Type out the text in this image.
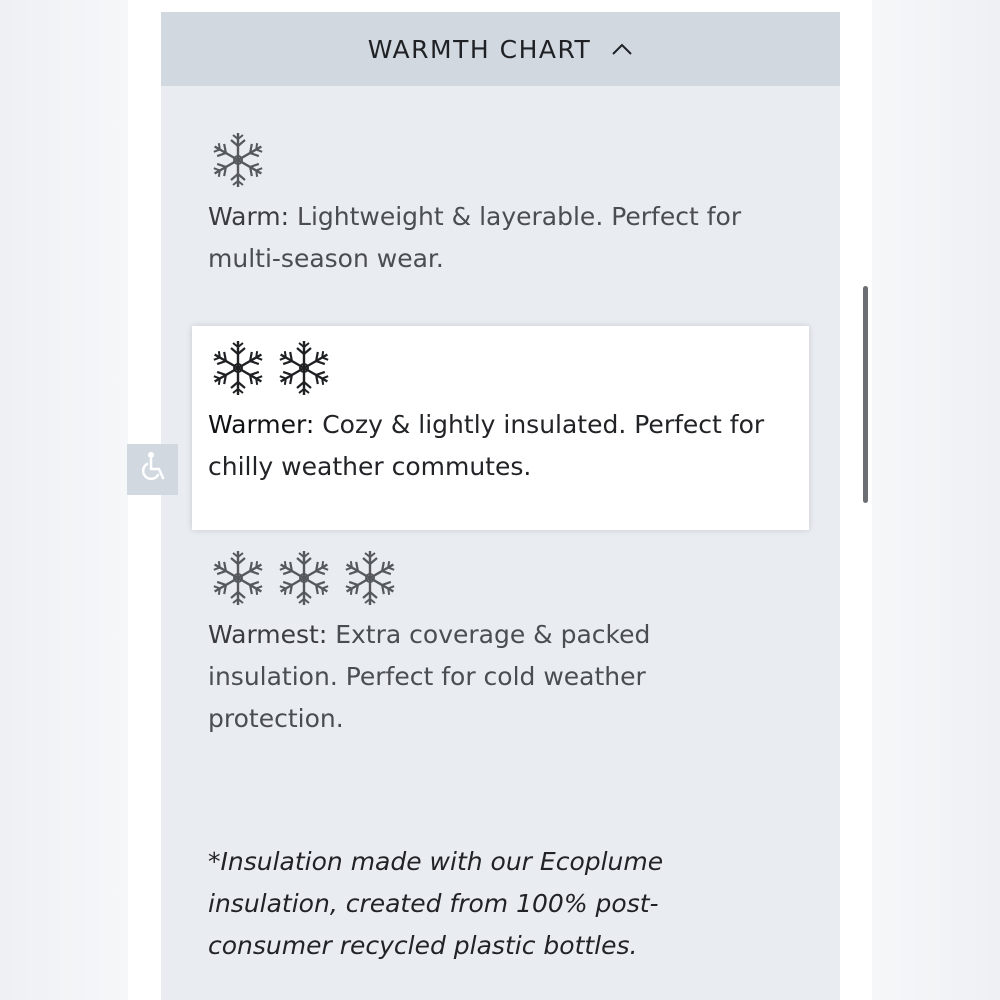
WARMTH CHART

Warm: Lightweight & layerable. Perfect for multi-season wear.

Warmer: Cozy & lightly insulated. Perfect for chilly weather commutes.

Warmest: Extra coverage & packed insulation. Perfect for cold weather protection.

*Insulation made with our Ecoplume insulation, created from 100% post-consumer recycled plastic bottles.
